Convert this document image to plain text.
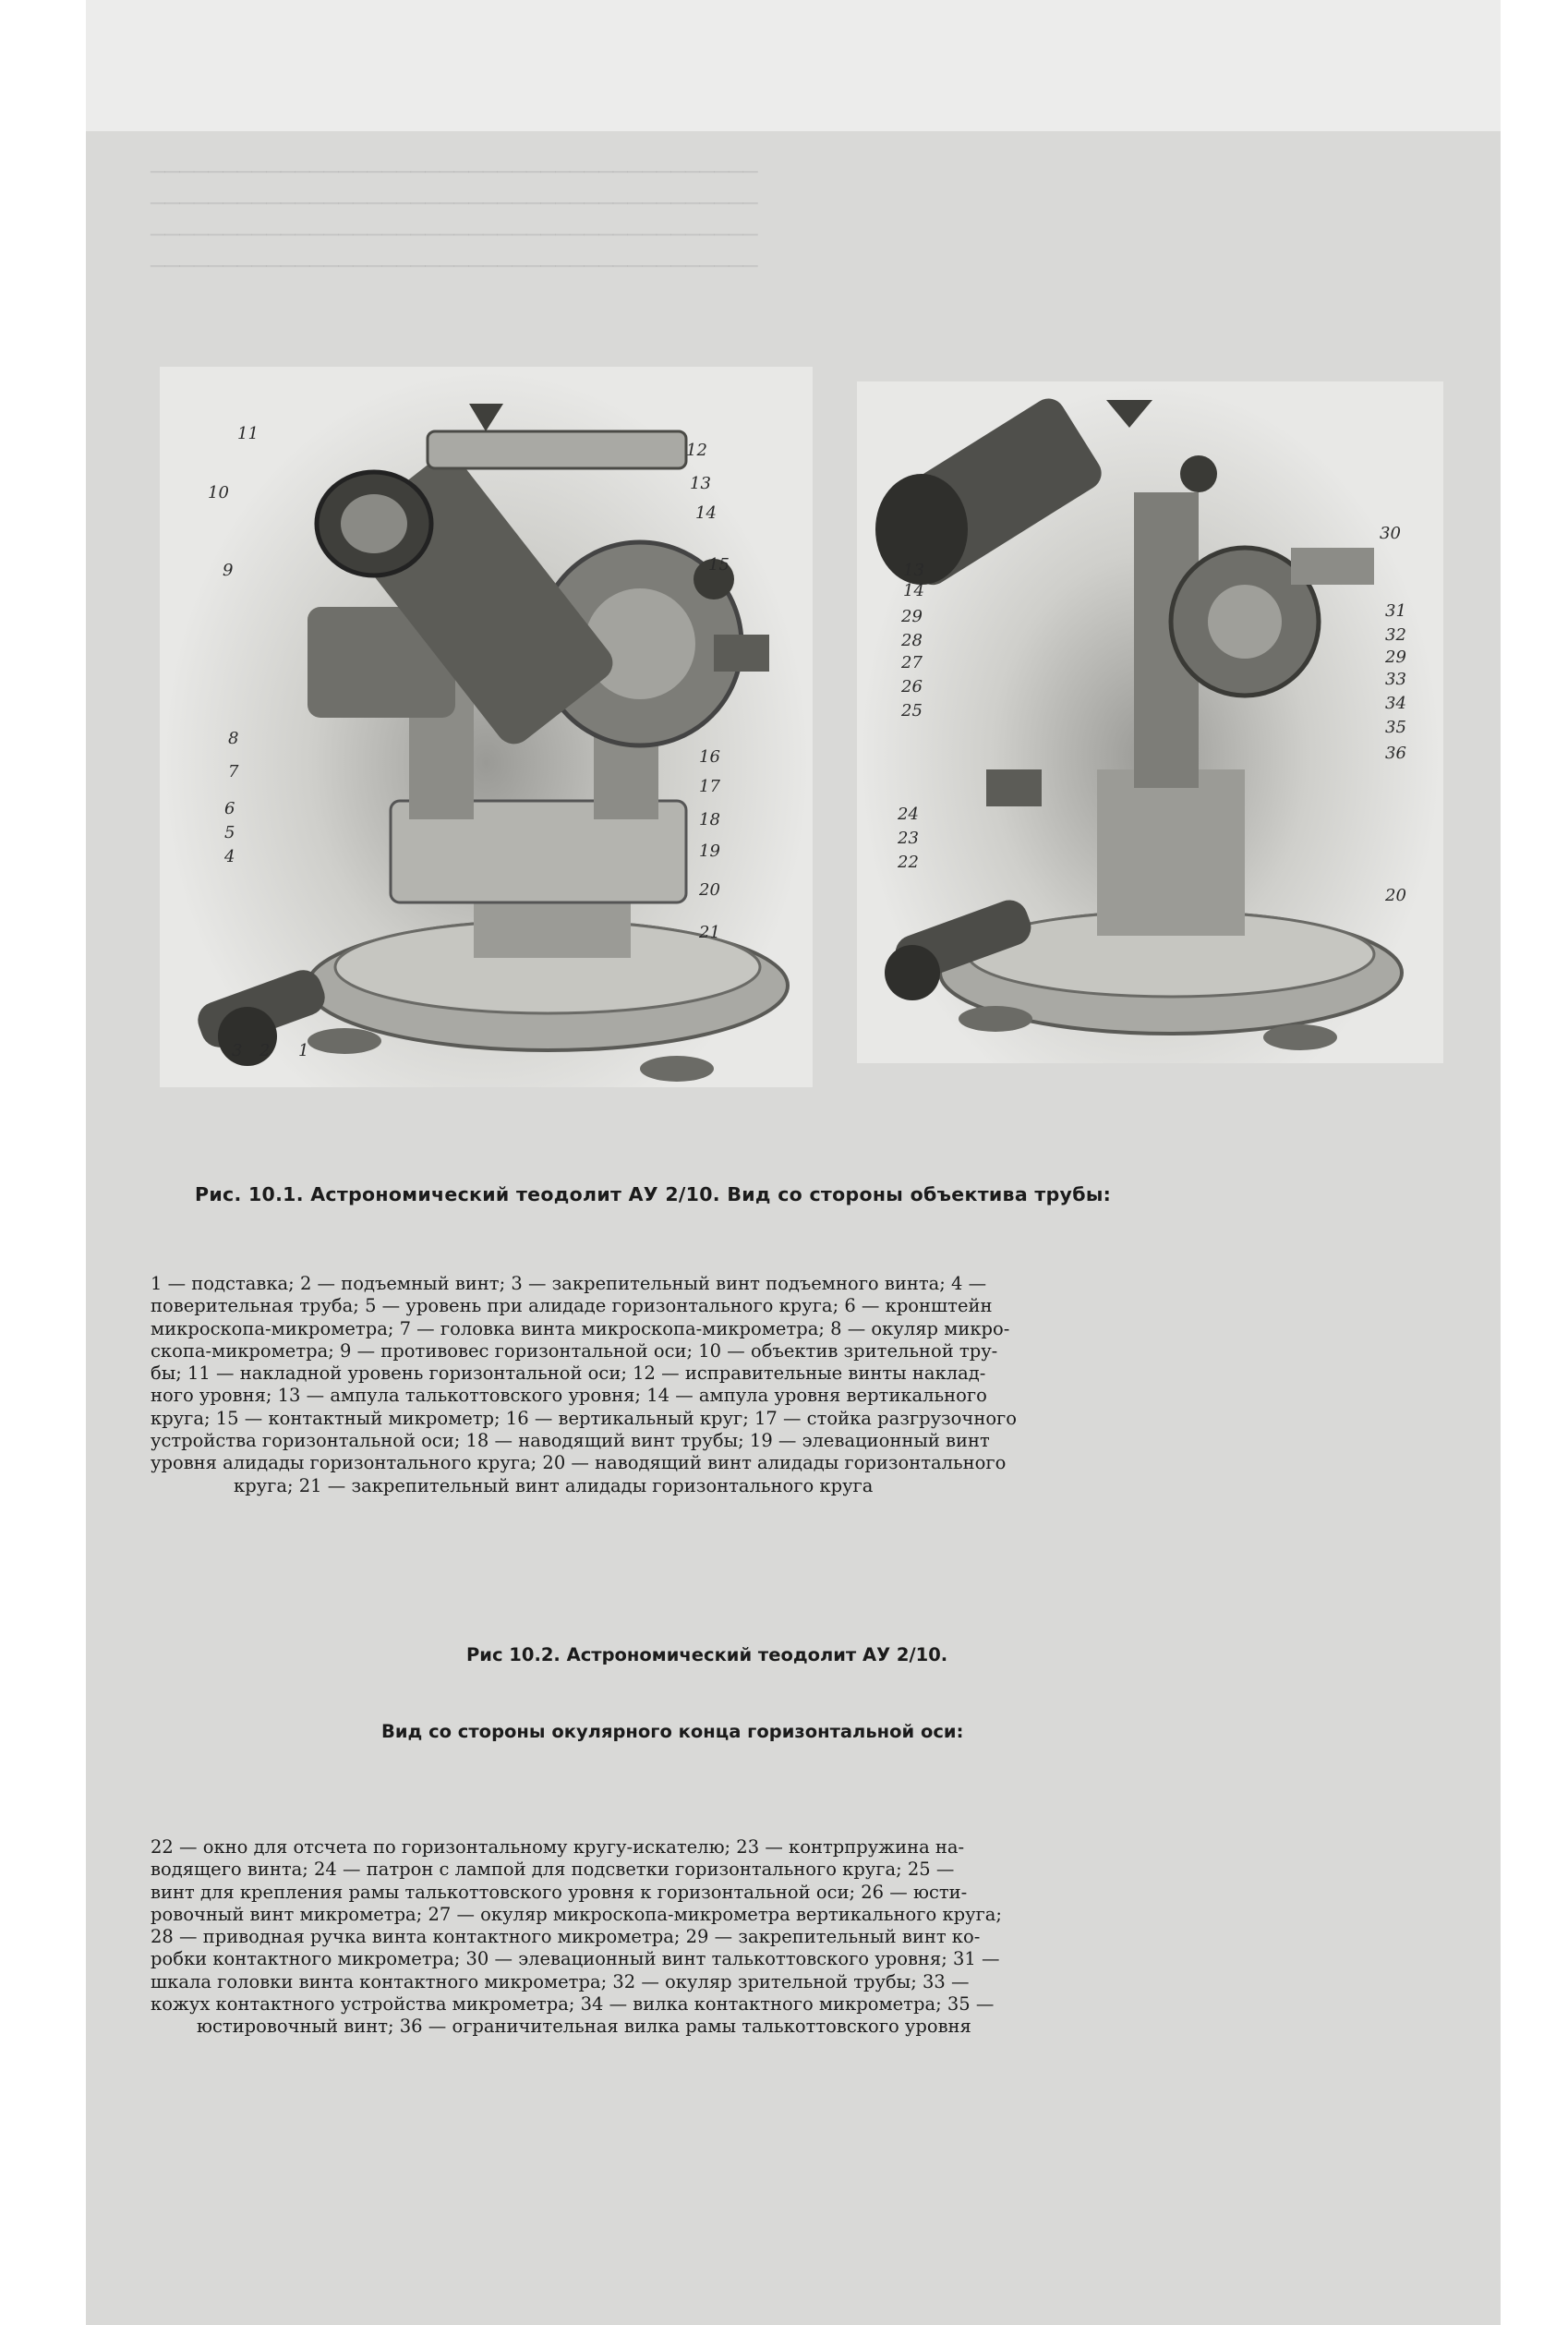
──────────────────────────────────────────
──────────────────────────────────────────
──────────────────────────────────────────
──────────────────────────────────────────
11
10
9
8
7
6
5
4
3 2 1
12
13
14
15
16
17
18
19
20
21
13
14
29
28
27
26
25
24
23
22
30
31
32
29
33
34
35
36
20
Рис. 10.1. Астрономический теодолит АУ 2/10. Вид со стороны объектива трубы:
1 — подставка; 2 — подъемный винт; 3 — закрепительный винт подъемного винта; 4 —
поверительная труба; 5 — уровень при алидаде горизонтального круга; 6 — кронштейн
микроскопа-микрометра; 7 — головка винта микроскопа-микрометра; 8 — окуляр микро-
скопа-микрометра; 9 — противовес горизонтальной оси; 10 — объектив зрительной тру-
бы; 11 — накладной уровень горизонтальной оси; 12 — исправительные винты наклад-
ного уровня; 13 — ампула талькоттовского уровня; 14 — ампула уровня вертикального
круга; 15 — контактный микрометр; 16 — вертикальный круг; 17 — стойка разгрузочного
устройства горизонтальной оси; 18 — наводящий винт трубы; 19 — элевационный винт
уровня алидады горизонтального круга; 20 — наводящий винт алидады горизонтального
круга; 21 — закрепительный винт алидады горизонтального круга
Рис 10.2. Астрономический теодолит АУ 2/10.
Вид со стороны окулярного конца горизонтальной оси:
22 — окно для отсчета по горизонтальному кругу-искателю; 23 — контрпружина на-
водящего винта; 24 — патрон с лампой для подсветки горизонтального круга; 25 —
винт для крепления рамы талькоттовского уровня к горизонтальной оси; 26 — юсти-
ровочный винт микрометра; 27 — окуляр микроскопа-микрометра вертикального круга;
28 — приводная ручка винта контактного микрометра; 29 — закрепительный винт ко-
робки контактного микрометра; 30 — элевационный винт талькоттовского уровня; 31 —
шкала головки винта контактного микрометра; 32 — окуляр зрительной трубы; 33 —
кожух контактного устройства микрометра; 34 — вилка контактного микрометра; 35 —
юстировочный винт; 36 — ограничительная вилка рамы талькоттовского уровня
